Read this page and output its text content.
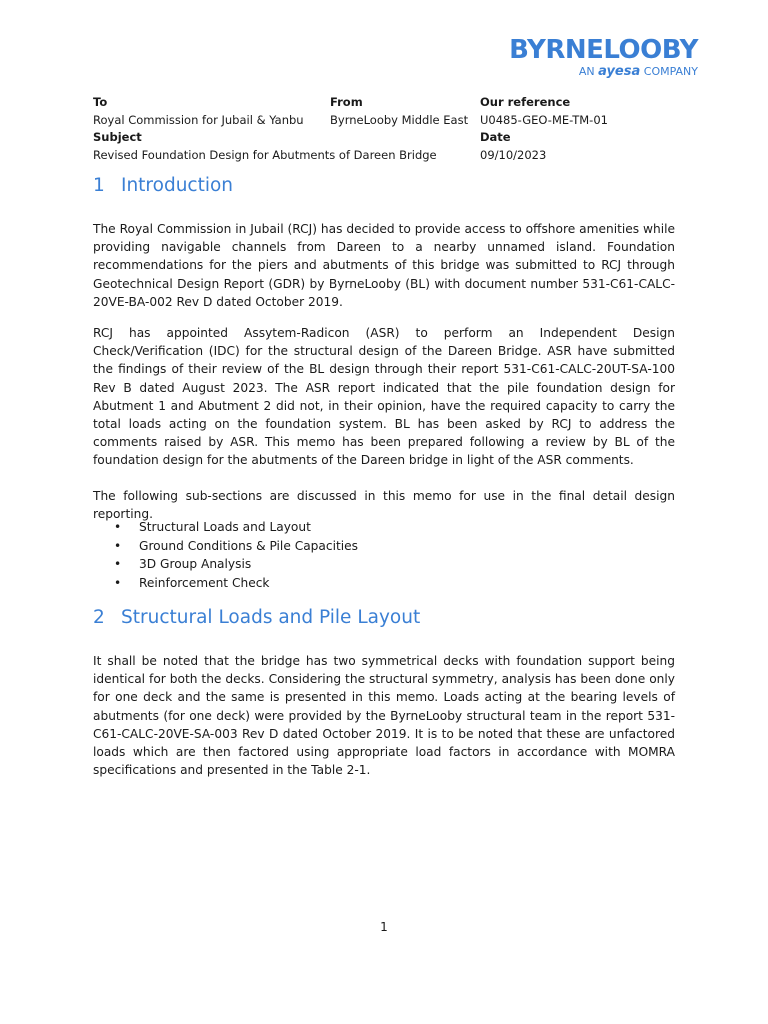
BYRNELOOBY
AN ayesa COMPANY
To	From	Our reference
Royal Commission for Jubail & Yanbu	ByrneLooby Middle East	U0485-GEO-ME-TM-01
Subject	Date
Revised Foundation Design for Abutments of Dareen Bridge	09/10/2023
1 Introduction

The Royal Commission in Jubail (RCJ) has decided to provide access to offshore amenities while providing navigable channels from Dareen to a nearby unnamed island. Foundation recommendations for the piers and abutments of this bridge was submitted to RCJ through Geotechnical Design Report (GDR) by ByrneLooby (BL) with document number 531-C61-CALC-20VE-BA-002 Rev D dated October 2019.

RCJ has appointed Assytem-Radicon (ASR) to perform an Independent Design Check/Verification (IDC) for the structural design of the Dareen Bridge. ASR have submitted the findings of their review of the BL design through their report 531-C61-CALC-20UT-SA-100 Rev B dated August 2023. The ASR report indicated that the pile foundation design for Abutment 1 and Abutment 2 did not, in their opinion, have the required capacity to carry the total loads acting on the foundation system. BL has been asked by RCJ to address the comments raised by ASR. This memo has been prepared following a review by BL of the foundation design for the abutments of the Dareen bridge in light of the ASR comments.

The following sub-sections are discussed in this memo for use in the final detail design reporting.

•	Structural Loads and Layout
•	Ground Conditions & Pile Capacities
•	3D Group Analysis
•	Reinforcement Check
2 Structural Loads and Pile Layout

It shall be noted that the bridge has two symmetrical decks with foundation support being identical for both the decks. Considering the structural symmetry, analysis has been done only for one deck and the same is presented in this memo. Loads acting at the bearing levels of abutments (for one deck) were provided by the ByrneLooby structural team in the report 531-C61-CALC-20VE-SA-003 Rev D dated October 2019. It is to be noted that these are unfactored loads which are then factored using appropriate load factors in accordance with MOMRA specifications and presented in the Table 2-1.

1
